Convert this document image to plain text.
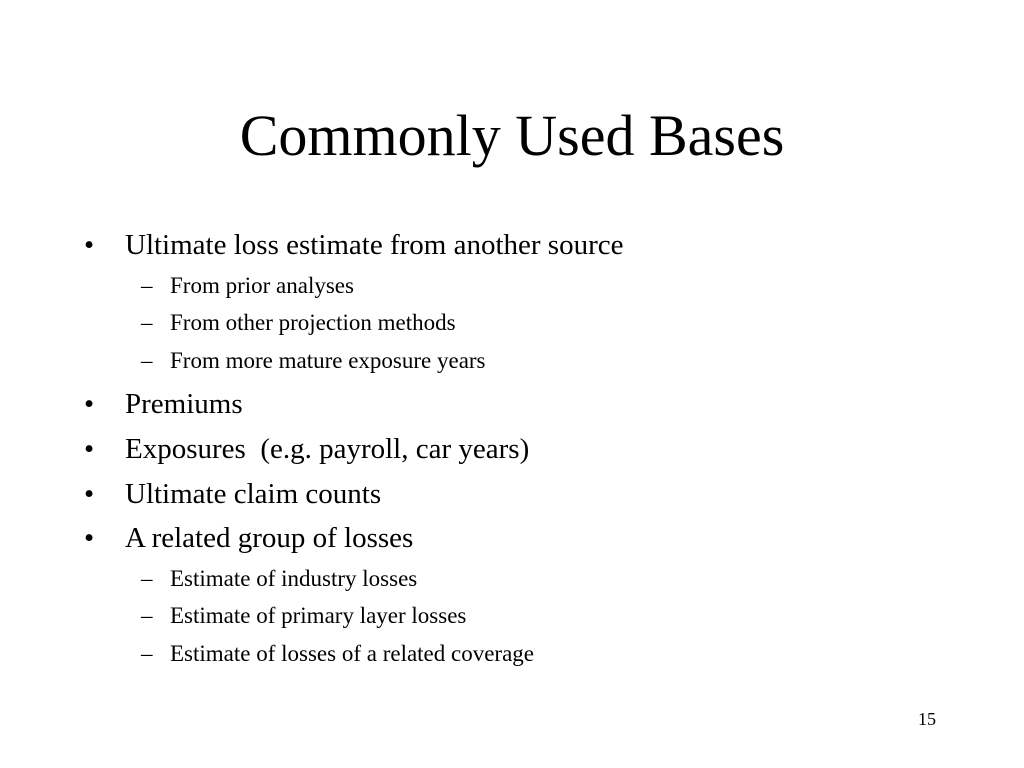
Commonly Used Bases

•

	Ultimate loss estimate from another source

–

From prior analyses

–

From other projection methods

–

From more mature exposure years

•

	Premiums

•

	Exposures  (e.g. payroll, car years)

•

	Ultimate claim counts

•

	A related group of losses

–

Estimate of industry losses

–

Estimate of primary layer losses

–

Estimate of losses of a related coverage

15
